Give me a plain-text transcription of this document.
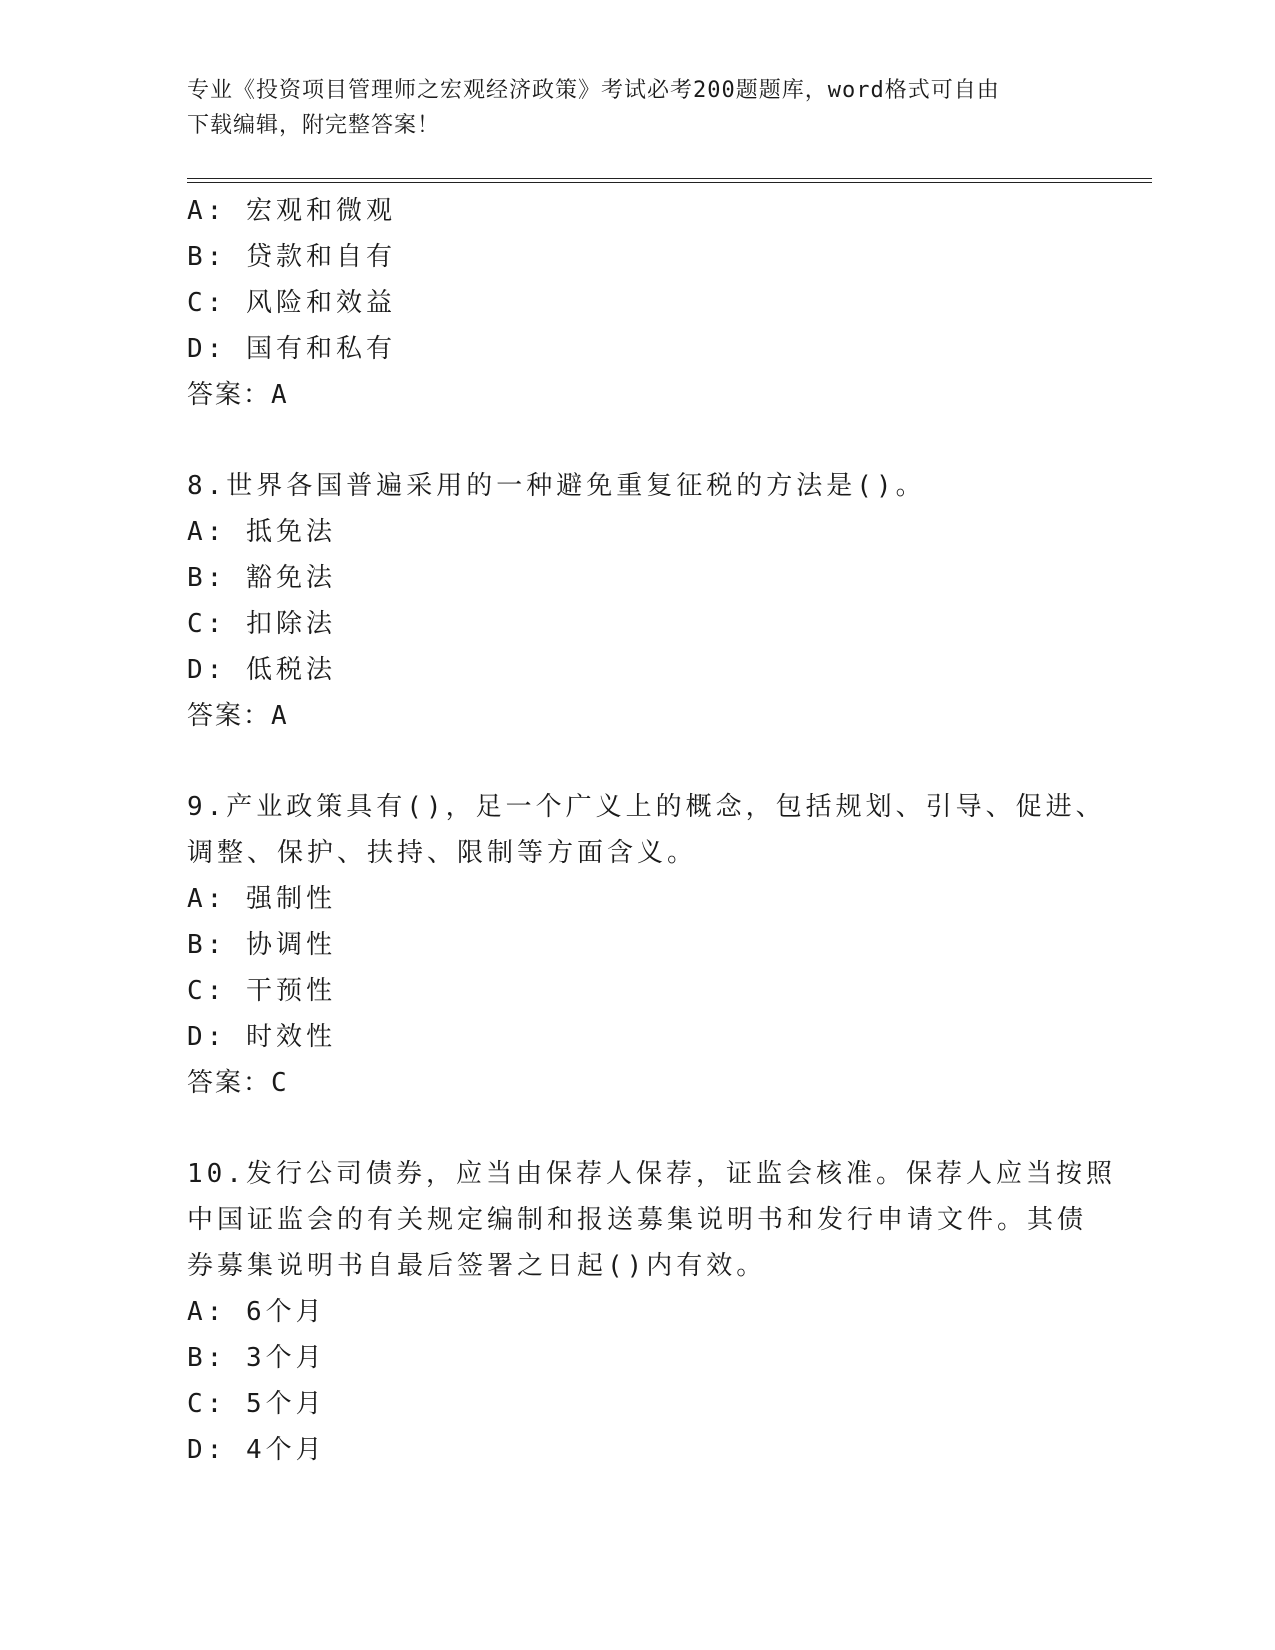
专业《投资项目管理师之宏观经济政策》考试必考200题题库，word格式可自由
下载编辑，附完整答案！
A: 宏观和微观
B: 贷款和自有
C: 风险和效益
D: 国有和私有
答案：A
8.世界各国普遍采用的一种避免重复征税的方法是()。
A: 抵免法
B: 豁免法
C: 扣除法
D: 低税法
答案：A
9.产业政策具有()，足一个广义上的概念，包括规划、引导、促进、
调整、保护、扶持、限制等方面含义。
A: 强制性
B: 协调性
C: 干预性
D: 时效性
答案：C
10.发行公司债券，应当由保荐人保荐，证监会核准。保荐人应当按照
中国证监会的有关规定编制和报送募集说明书和发行申请文件。其债
券募集说明书自最后签署之日起()内有效。
A: 6个月
B: 3个月
C: 5个月
D: 4个月
